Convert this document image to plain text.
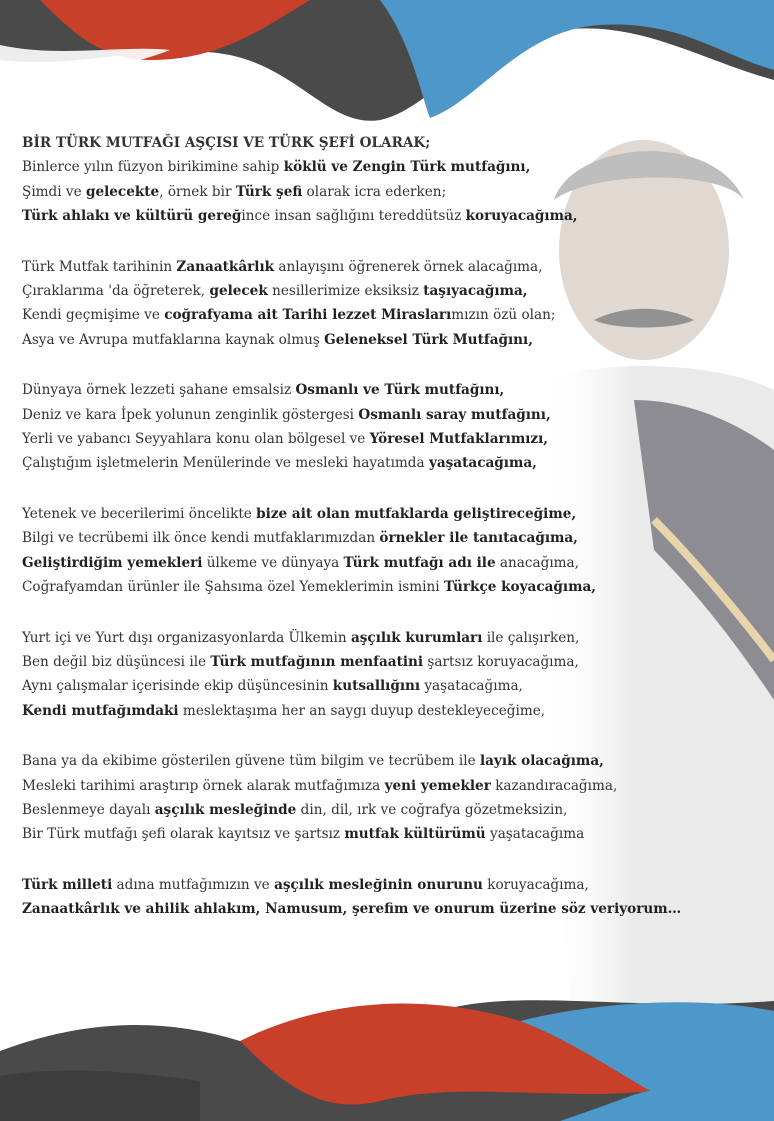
BİR TÜRK MUTFAĞI AŞÇISI VE TÜRK ŞEFİ OLARAK;
Binlerce yılın füzyon birikimine sahip köklü ve Zengin Türk mutfağını,
Şimdi ve gelecekte, örnek bir Türk şefi olarak icra ederken;
Türk ahlakı ve kültürü gereğince insan sağlığını tereddütsüz koruyacağıma,
Türk Mutfak tarihinin Zanaatkârlık anlayışını öğrenerek örnek alacağıma,
Çıraklarıma 'da öğreterek, gelecek nesillerimize eksiksiz taşıyacağıma,
Kendi geçmişime ve coğrafyama ait Tarihi lezzet Miraslarımızın özü olan;
Asya ve Avrupa mutfaklarına kaynak olmuş Geleneksel Türk Mutfağını,
Dünyaya örnek lezzeti şahane emsalsiz Osmanlı ve Türk mutfağını,
Deniz ve kara İpek yolunun zenginlik göstergesi Osmanlı saray mutfağını,
Yerli ve yabancı Seyyahlara konu olan bölgesel ve Yöresel Mutfaklarımızı,
Çalıştığım işletmelerin Menülerinde ve mesleki hayatımda yaşatacağıma,
Yetenek ve becerilerimi öncelikte bize ait olan mutfaklarda geliştireceğime,
Bilgi ve tecrübemi ilk önce kendi mutfaklarımızdan örnekler ile tanıtacağıma,
Geliştirdiğim yemekleri ülkeme ve dünyaya Türk mutfağı adı ile anacağıma,
Coğrafyamdan ürünler ile Şahsıma özel Yemeklerimin ismini Türkçe koyacağıma,
Yurt içi ve Yurt dışı organizasyonlarda Ülkemin aşçılık kurumları ile çalışırken,
Ben değil biz düşüncesi ile Türk mutfağının menfaatini şartsız koruyacağıma,
Aynı çalışmalar içerisinde ekip düşüncesinin kutsallığını yaşatacağıma,
Kendi mutfağımdaki meslektaşıma her an saygı duyup destekleyeceğime,
Bana ya da ekibime gösterilen güvene tüm bilgim ve tecrübem ile layık olacağıma,
Mesleki tarihimi araştırıp örnek alarak mutfağımıza yeni yemekler kazandıracağıma,
Beslenmeye dayalı aşçılık mesleğinde din, dil, ırk ve coğrafya gözetmeksizin,
Bir Türk mutfağı şefi olarak kayıtsız ve şartsız mutfak kültürümü yaşatacağıma
Türk milleti adına mutfağımızın ve aşçılık mesleğinin onurunu koruyacağıma,
Zanaatkârlık ve ahilik ahlakım, Namusum, şerefim ve onurum üzerine söz veriyorum…
